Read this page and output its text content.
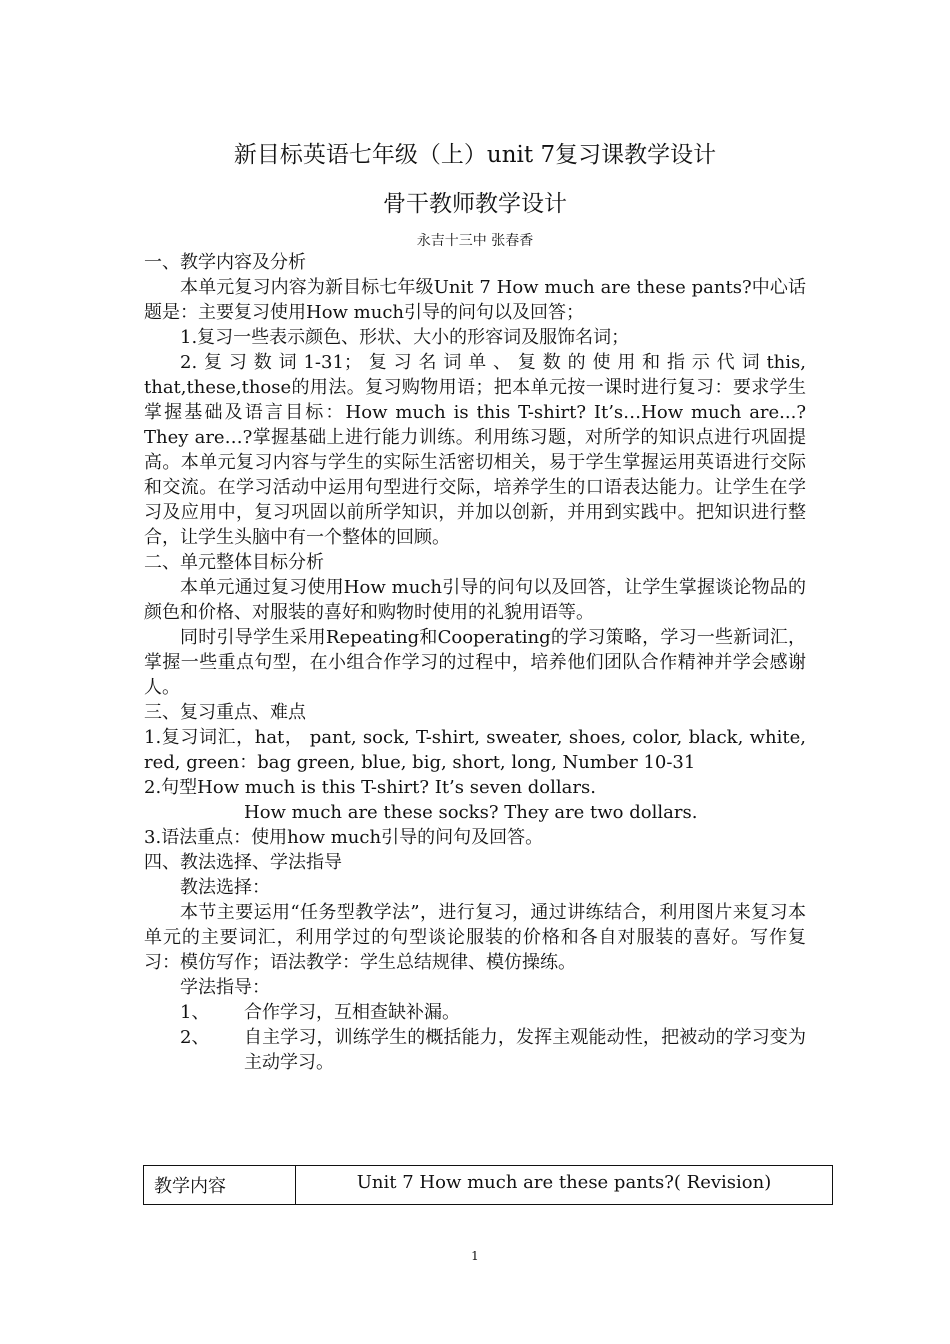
新目标英语七年级（上）unit 7复习课教学设计
骨干教师教学设计
永吉十三中 张春香

一、教学内容及分析

本单元复习内容为新目标七年级Unit 7 How much are these pants?中心话题是：主要复习使用How much引导的问句以及回答；

1.复习一些表示颜色、形状、大小的形容词及服饰名词；

2.复习数词1-31；复习名词单、复数的使用和指示代词this, that,these,those的用法。复习购物用语；把本单元按一课时进行复习：要求学生掌握基础及语言目标：How much is this T-shirt? It’s…How much are...?They are…?掌握基础上进行能力训练。利用练习题，对所学的知识点进行巩固提高。本单元复习内容与学生的实际生活密切相关，易于学生掌握运用英语进行交际和交流。在学习活动中运用句型进行交际，培养学生的口语表达能力。让学生在学习及应用中，复习巩固以前所学知识，并加以创新，并用到实践中。把知识进行整合，让学生头脑中有一个整体的回顾。

二、单元整体目标分析

本单元通过复习使用How much引导的问句以及回答，让学生掌握谈论物品的颜色和价格、对服装的喜好和购物时使用的礼貌用语等。

同时引导学生采用Repeating和Cooperating的学习策略，学习一些新词汇，掌握一些重点句型，在小组合作学习的过程中，培养他们团队合作精神并学会感谢人。

三、复习重点、难点

1.复习词汇，hat， pant, sock, T-shirt, sweater, shoes, color, black, white, red, green：bag green, blue, big, short, long, Number 10-31

2.句型How much is this T-shirt? It’s seven dollars.

How much are these socks? They are two dollars.

3.语法重点：使用how much引导的问句及回答。

四、教法选择、学法指导

教法选择：

本节主要运用“任务型教学法”，进行复习，通过讲练结合，利用图片来复习本单元的主要词汇，利用学过的句型谈论服装的价格和各自对服装的喜好。写作复习：模仿写作；语法教学：学生总结规律、模仿操练。

学法指导：

1、	合作学习，互相查缺补漏。
2、	自主学习，训练学生的概括能力，发挥主观能动性，把被动的学习变为主动学习。
教学内容	Unit 7 How much are these pants?( Revision)
1
